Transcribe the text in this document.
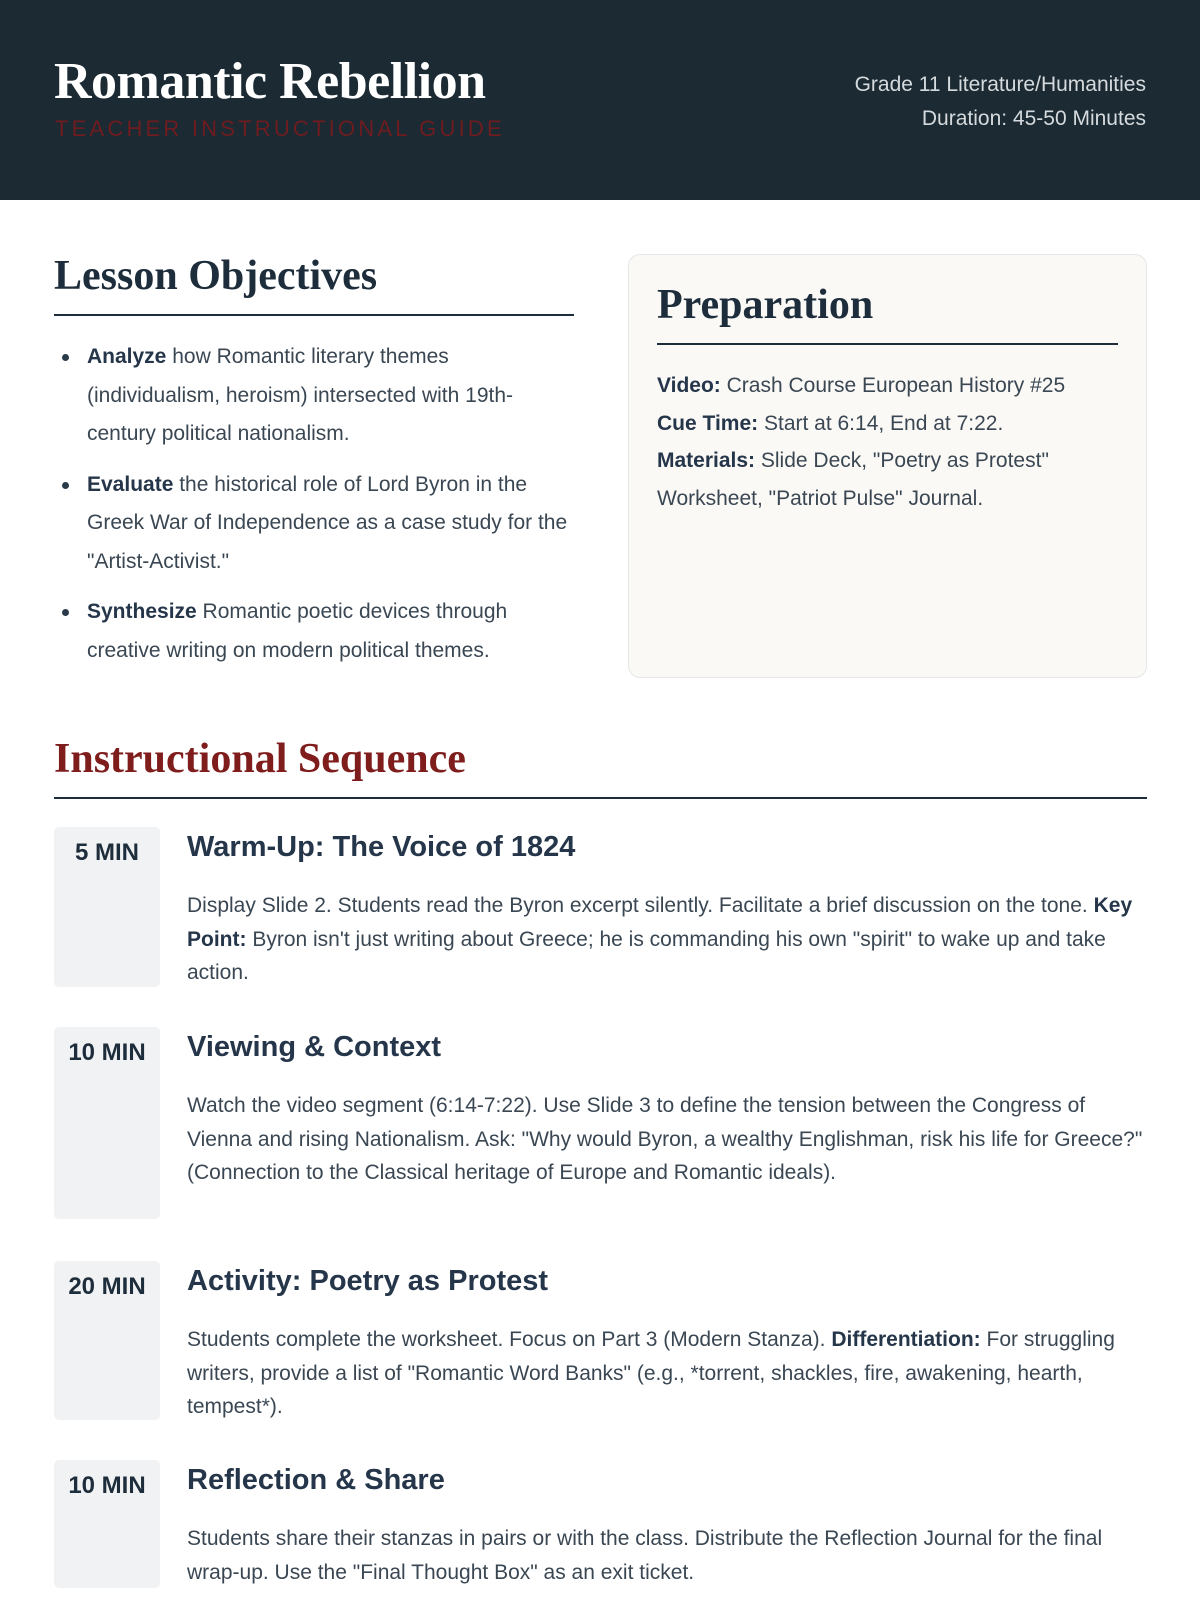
Romantic Rebellion
TEACHER INSTRUCTIONAL GUIDE
Grade 11 Literature/Humanities
Duration: 45-50 Minutes
Lesson Objectives
Analyze how Romantic literary themes (individualism, heroism) intersected with 19th-century political nationalism.
Evaluate the historical role of Lord Byron in the Greek War of Independence as a case study for the "Artist-Activist."
Synthesize Romantic poetic devices through creative writing on modern political themes.
Preparation
Video: Crash Course European History #25
Cue Time: Start at 6:14, End at 7:22.
Materials: Slide Deck, "Poetry as Protest" Worksheet, "Patriot Pulse" Journal.
Instructional Sequence
5 MIN	Warm-Up: The Voice of 1824

Display Slide 2. Students read the Byron excerpt silently. Facilitate a brief discussion on the tone. Key Point: Byron isn't just writing about Greece; he is commanding his own "spirit" to wake up and take action.

10 MIN	Viewing & Context

Watch the video segment (6:14-7:22). Use Slide 3 to define the tension between the Congress of Vienna and rising Nationalism. Ask: "Why would Byron, a wealthy Englishman, risk his life for Greece?" (Connection to the Classical heritage of Europe and Romantic ideals).

20 MIN	Activity: Poetry as Protest

Students complete the worksheet. Focus on Part 3 (Modern Stanza). Differentiation: For struggling writers, provide a list of "Romantic Word Banks" (e.g., *torrent, shackles, fire, awakening, hearth, tempest*).

10 MIN	Reflection & Share

Students share their stanzas in pairs or with the class. Distribute the Reflection Journal for the final wrap-up. Use the "Final Thought Box" as an exit ticket.
